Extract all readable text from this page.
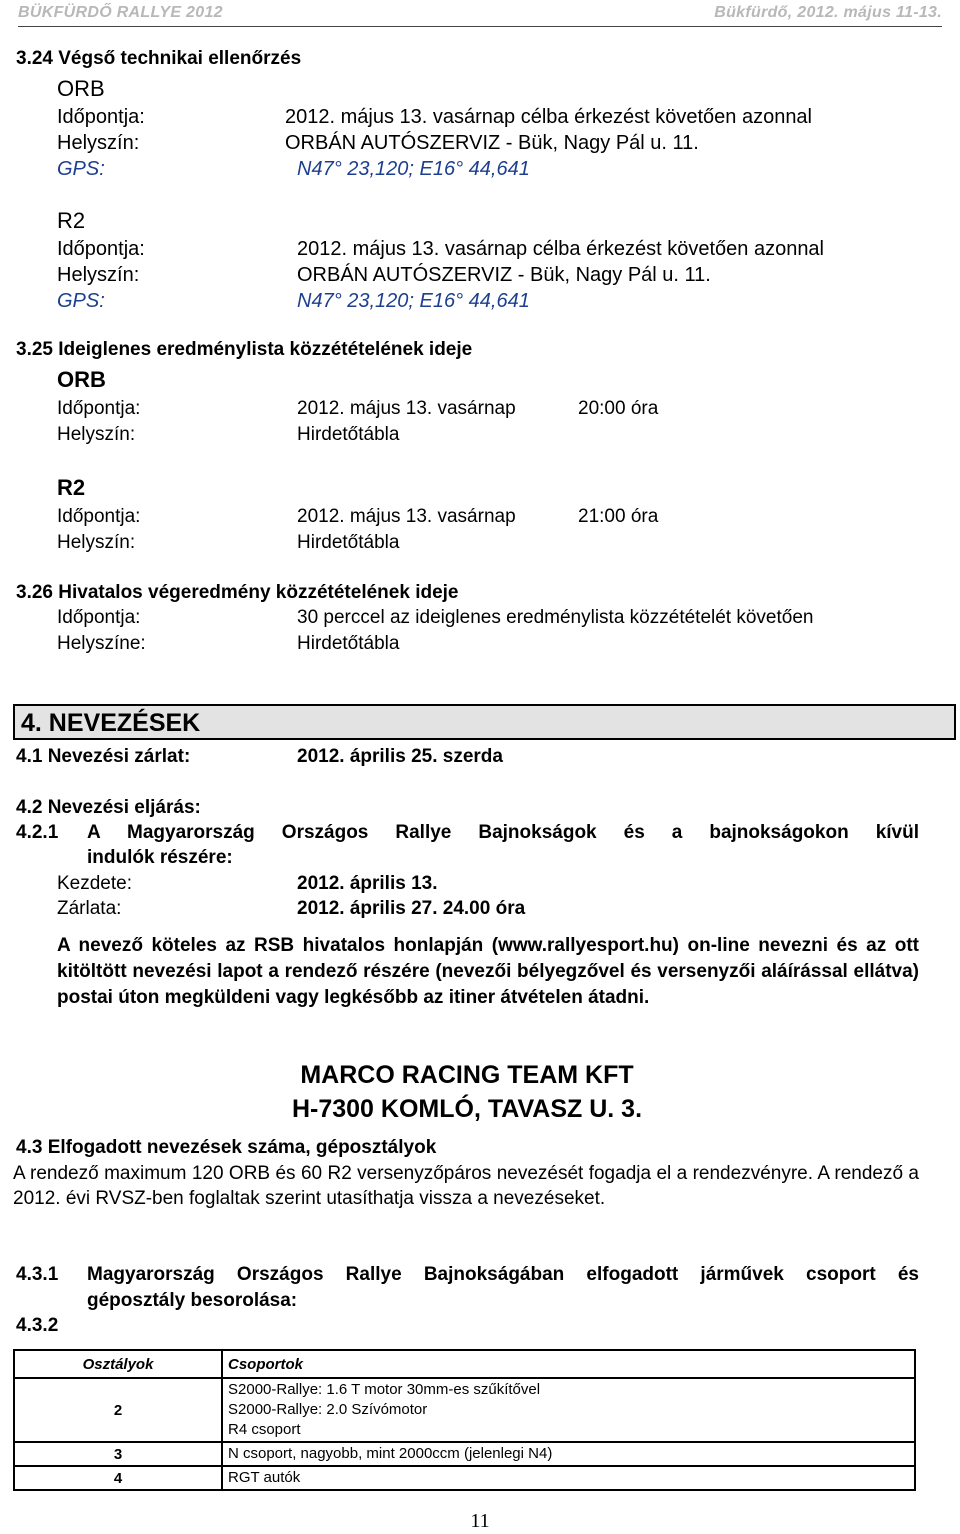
BÜKFÜRDŐ RALLYE 2012	Bükfürdő, 2012. május 11-13.
3.24 Végső technikai ellenőrzés
ORB
Időpontja:	2012. május 13. vasárnap célba érkezést követően azonnal
Helyszín:	ORBÁN AUTÓSZERVIZ - Bük, Nagy Pál u. 11.
GPS:	N47° 23,120; E16° 44,641
R2
Időpontja:	2012. május 13. vasárnap célba érkezést követően azonnal
Helyszín:	ORBÁN AUTÓSZERVIZ - Bük, Nagy Pál u. 11.
GPS:	N47° 23,120; E16° 44,641
3.25 Ideiglenes eredménylista közzétételének ideje
ORB
Időpontja:	2012. május 13. vasárnap	20:00 óra
Helyszín:	Hirdetőtábla
R2
Időpontja:	2012. május 13. vasárnap	21:00 óra
Helyszín:	Hirdetőtábla
3.26 Hivatalos végeredmény közzétételének ideje
Időpontja:	30 perccel az ideiglenes eredménylista közzétételét követően
Helyszíne:	Hirdetőtábla
4. NEVEZÉSEK
4.1 Nevezési zárlat:	2012. április 25. szerda
4.2 Nevezési eljárás:
4.2.1 A Magyarország Országos Rallye Bajnokságok és a bajnokságokon kívül
indulók részére:
Kezdete:	2012. április 13.
Zárlata:	2012. április 27. 24.00 óra
A nevező köteles az RSB hivatalos honlapján (www.rallyesport.hu) on-line nevezni és az ott kitöltött nevezési lapot a rendező részére (nevezői bélyegzővel és versenyzői aláírással ellátva) postai úton megküldeni vagy legkésőbb az itiner átvételen átadni.
MARCO RACING TEAM KFT
H-7300 KOMLÓ, TAVASZ U. 3.
4.3 Elfogadott nevezések száma, géposztályok
A rendező maximum 120 ORB és 60 R2 versenyzőpáros nevezését fogadja el a rendezvényre. A rendező a 2012. évi RVSZ-ben foglaltak szerint utasíthatja vissza a nevezéseket.
4.3.1 Magyarország Országos Rallye Bajnokságában elfogadott járművek csoport és
géposztály besorolása:
4.3.2
Osztályok	Csoportok
2	S2000-Rallye: 1.6 T motor 30mm-es szűkítővel
S2000-Rallye: 2.0 Szívómotor
R4 csoport

3	N csoport, nagyobb, mint 2000ccm (jelenlegi N4)
4	RGT autók
11
